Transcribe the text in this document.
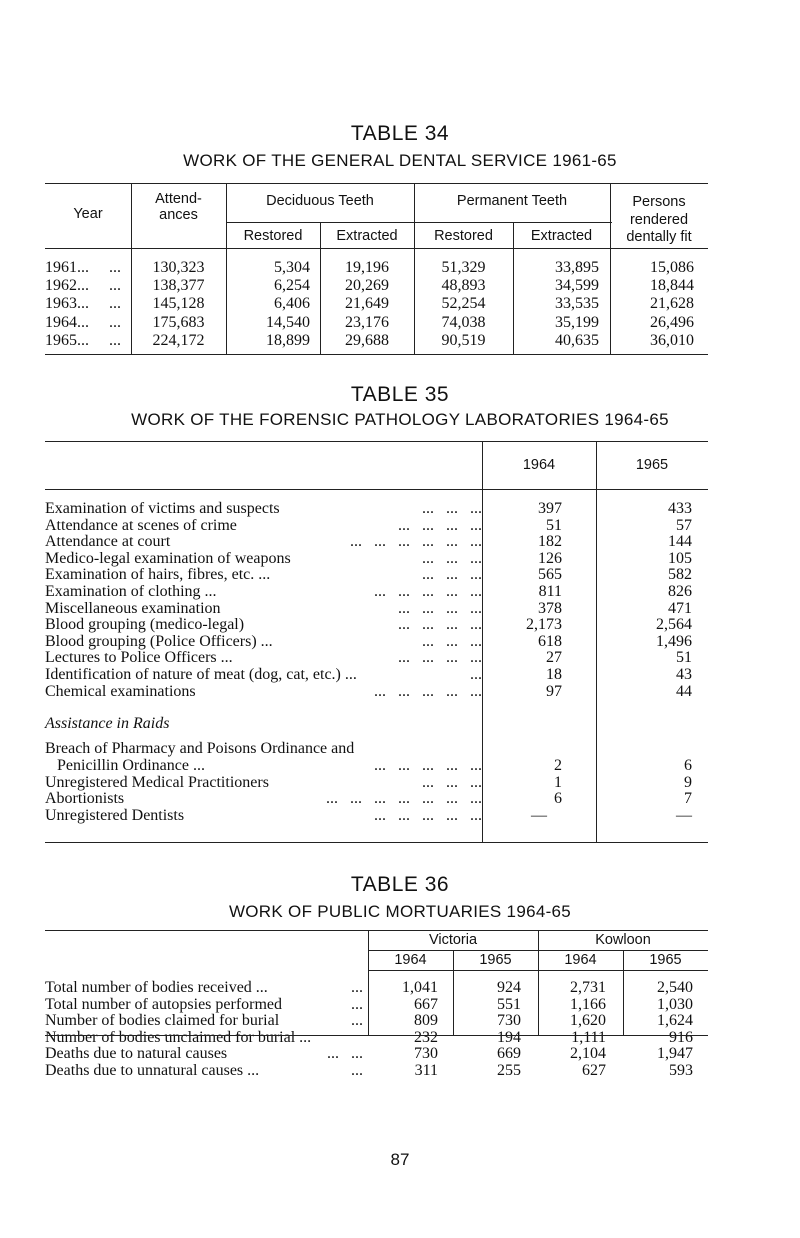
TABLE 34
WORK OF THE GENERAL DENTAL SERVICE 1961-65
Year
Attend-
ances
Deciduous Teeth	Permanent Teeth	Persons
rendered
dentally fit
Restored	Extracted	Restored	Extracted
1961... ...	130,323	5,304	19,196	51,329	33,895	15,086
1962... ...	138,377	6,254	20,269	48,893	34,599	18,844
1963... ...	145,128	6,406	21,649	52,254	33,535	21,628
1964... ...	175,683	14,540	23,176	74,038	35,199	26,496
1965... ...	224,172	18,899	29,688	90,519	40,635	36,010
TABLE 35
WORK OF THE FORENSIC PATHOLOGY LABORATORIES 1964-65
1964	1965
Examination of victims and suspects	...   ...   ...	397	433
Attendance at scenes of crime	...   ...   ...   ...	51	57
Attendance at court	...   ...   ...   ...   ...   ...	182	144
Medico-legal examination of weapons	...   ...   ...	126	105
Examination of hairs, fibres, etc. ...	...   ...   ...	565	582
Examination of clothing ...	...   ...   ...   ...   ...	811	826
Miscellaneous examination	...   ...   ...   ...	378	471
Blood grouping (medico-legal)	...   ...   ...   ...	2,173	2,564
Blood grouping (Police Officers) ...	...   ...   ...	618	1,496
Lectures to Police Officers ...	...   ...   ...   ...	27	51
Identification of nature of meat (dog, cat, etc.) ...	...	18	43
Chemical examinations	...   ...   ...   ...   ...	97	44
Assistance in Raids
Breach of Pharmacy and Poisons Ordinance and
Penicillin Ordinance ...	...   ...   ...   ...   ...	2	6
Unregistered Medical Practitioners	...   ...   ...	1	9
Abortionists	...   ...   ...   ...   ...   ...   ...	6	7
Unregistered Dentists	...   ...   ...   ...   ...	—	—
TABLE 36
WORK OF PUBLIC MORTUARIES 1964-65
Victoria	Kowloon
1964	1965	1964	1965
Total number of bodies received ...	...	1,041	924	2,731	2,540
Total number of autopsies performed	...	667	551	1,166	1,030
Number of bodies claimed for burial	...	809	730	1,620	1,624
Number of bodies unclaimed for burial ...	232	194	1,111	916
Deaths due to natural causes	...   ...	730	669	2,104	1,947
Deaths due to unnatural causes ...	...	311	255	627	593
87
